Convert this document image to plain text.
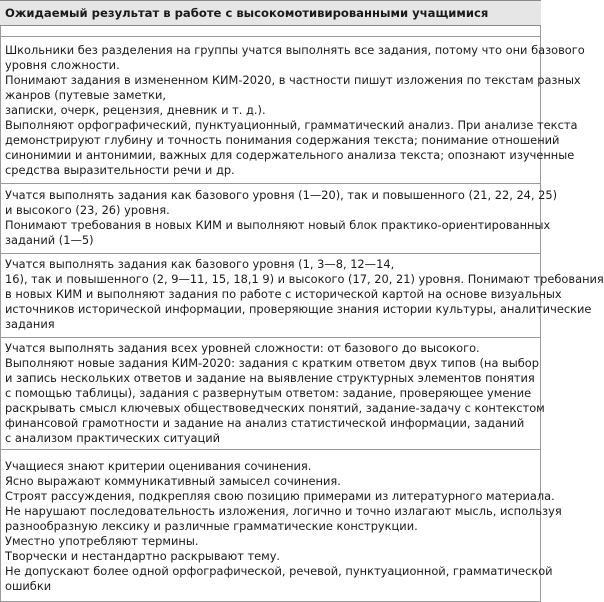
Ожидаемый результат в работе с высокомотивированными учащимися
Школьники без разделения на группы учатся выполнять все задания, потому что они базового
уровня сложности.
Понимают задания в измененном КИМ-2020, в частности пишут изложения по текстам разных
жанров (путевые заметки,
записки, очерк, рецензия, дневник и т. д.).
Выполняют орфографический, пунктуационный, грамматический анализ. При анализе текста
демонстрируют глубину и точность понимания содержания текста; понимание отношений
синонимии и антонимии, важных для содержательного анализа текста; опознают изученные
средства выразительности речи и др.
Учатся выполнять задания как базового уровня (1—20), так и повышенного (21, 22, 24, 25)
и высокого (23, 26) уровня.
Понимают требования в новых КИМ и выполняют новый блок практико-ориентированных
заданий (1—5)
Учатся выполнять задания как базового уровня (1, 3—8, 12—14,
16), так и повышенного (2, 9—11, 15, 18,1 9) и высокого (17, 20, 21) уровня. Понимают требования
в новых КИМ и выполняют задания по работе с исторической картой на основе визуальных
источников исторической информации, проверяющие знания истории культуры, аналитические
задания
Учатся выполнять задания всех уровней сложности: от базового до высокого.
Выполняют новые задания КИМ-2020: задания с кратким ответом двух типов (на выбор
и запись нескольких ответов и задание на выявление структурных элементов понятия
с помощью таблицы), задания с развернутым ответом: задание, проверяющее умение
раскрывать смысл ключевых обществоведческих понятий, задание-задачу с контекстом
финансовой грамотности и задание на анализ статистической информации, заданий
с анализом практических ситуаций
Учащиеся знают критерии оценивания сочинения.
Ясно выражают коммуникативный замысел сочинения.
Строят рассуждения, подкрепляя свою позицию примерами из литературного материала.
Не нарушают последовательность изложения, логично и точно излагают мысль, используя
разнообразную лексику и различные грамматические конструкции.
Уместно употребляют термины.
Творчески и нестандартно раскрывают тему.
Не допускают более одной орфографической, речевой, пунктуационной, грамматической
ошибки
